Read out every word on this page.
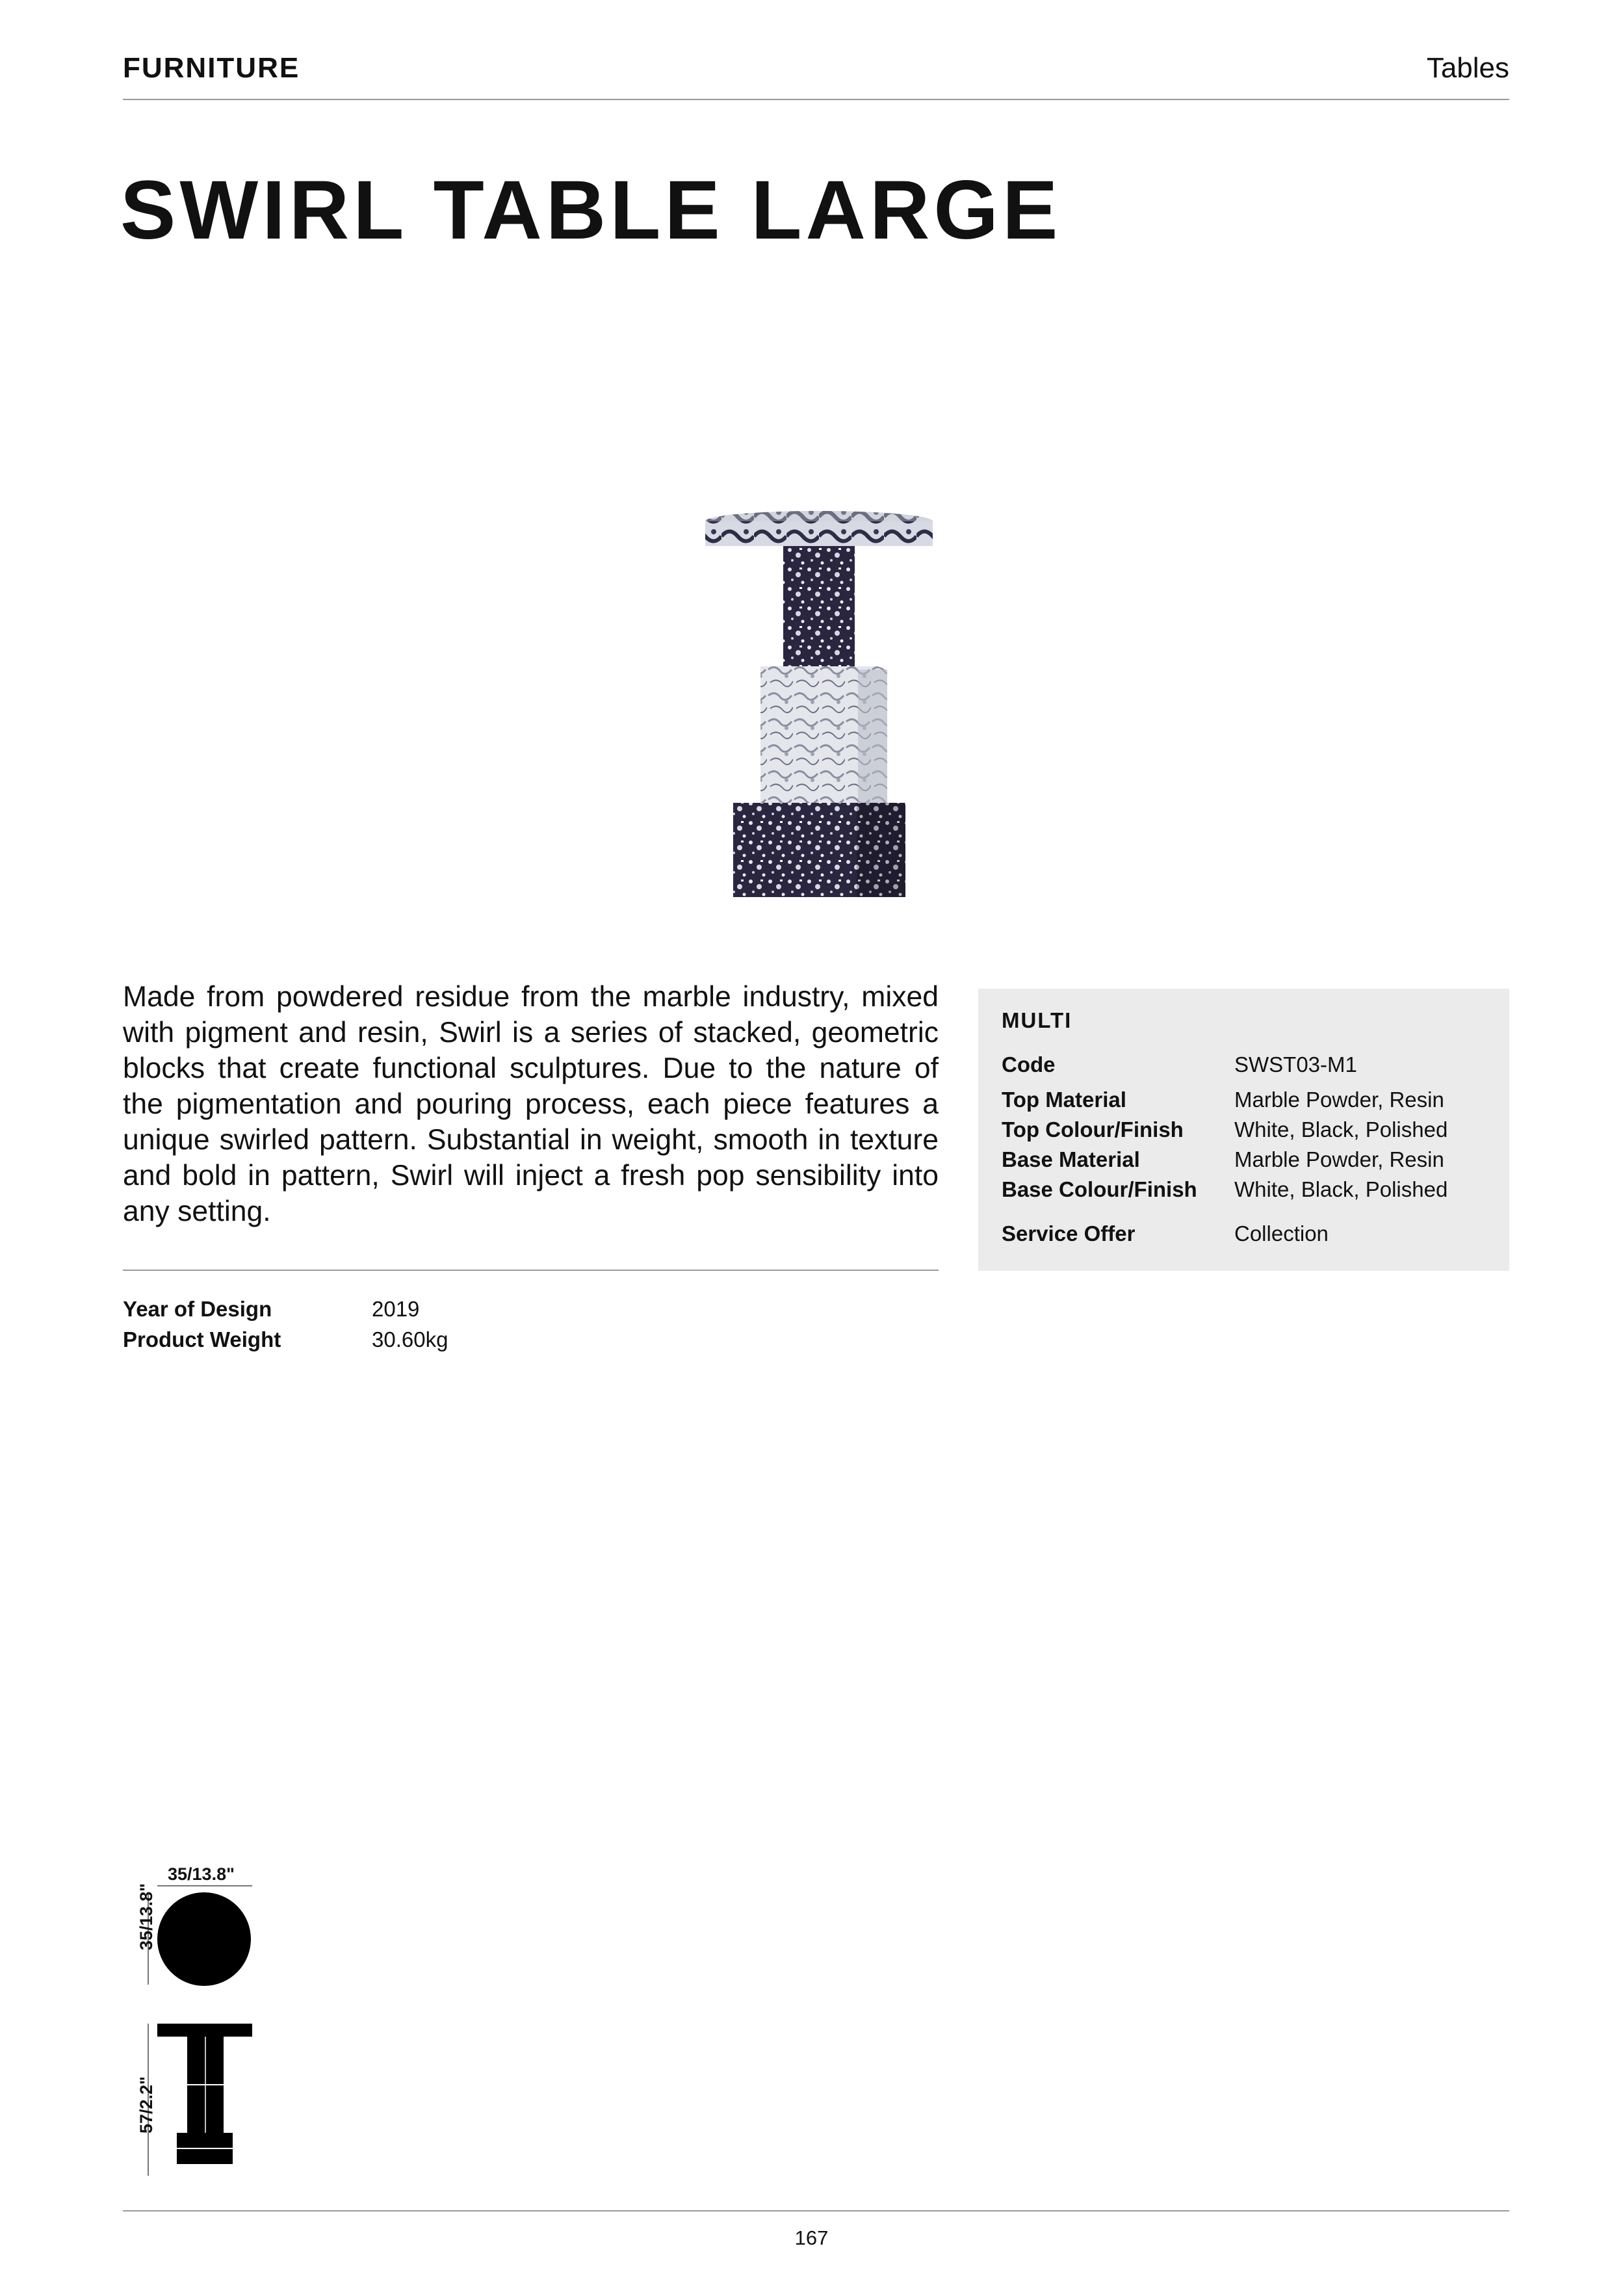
FURNITURE	Tables
SWIRL TABLE LARGE
Made from powdered residue from the marble industry, mixed with pigment and resin, Swirl is a series of stacked, geometric blocks that create functional sculptures. Due to the nature of the pigmentation and pouring process, each piece features a unique swirled pattern. Substantial in weight, smooth in texture and bold in pattern, Swirl will inject a fresh pop sensibility into any setting.
Year of Design	2019
Product Weight	30.60kg
MULTI
Code	SWST03-M1
Top Material	Marble Powder, Resin
Top Colour/Finish White, Black, Polished
Base Material	Marble Powder, Resin
Base Colour/Finish White, Black, Polished
Service Offer	Collection
35/13.8"
35/13.8"
57/2.2"
167
